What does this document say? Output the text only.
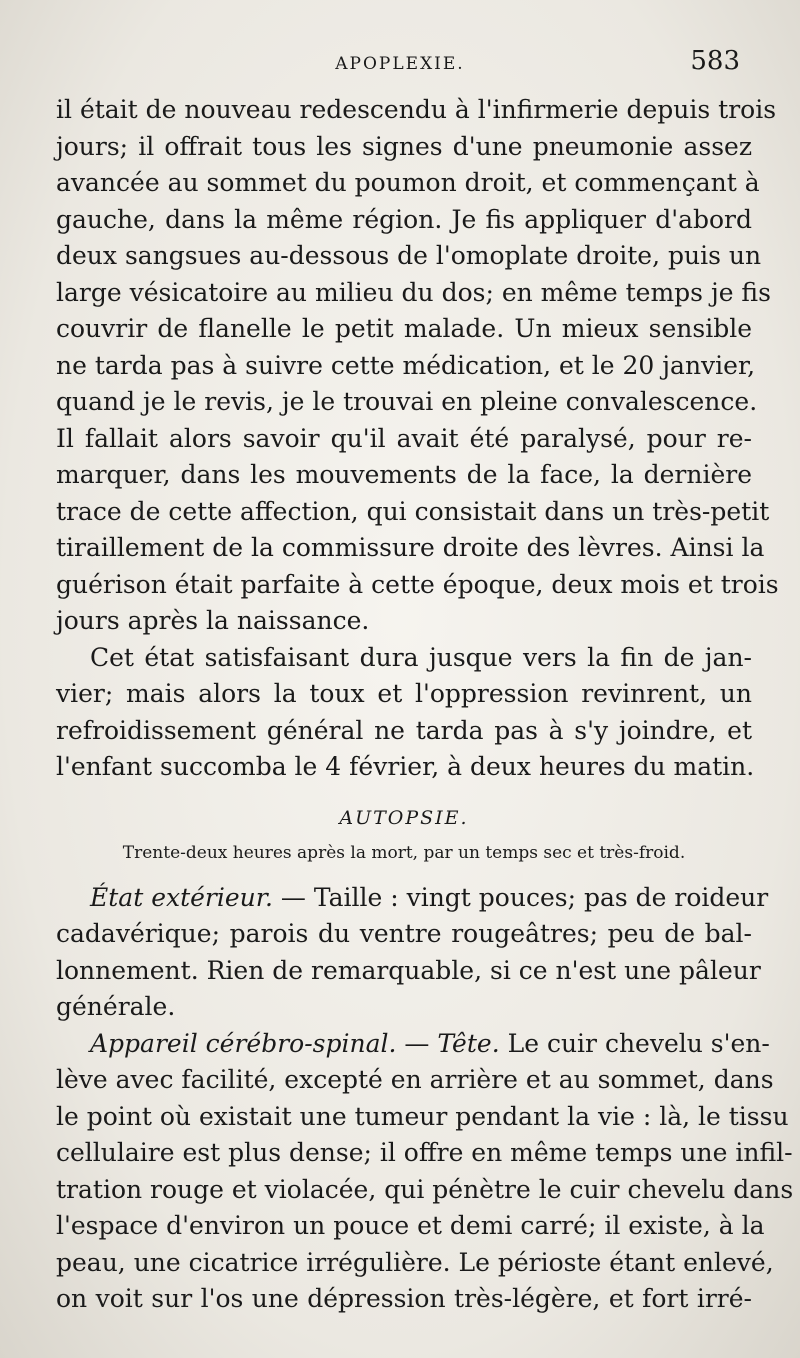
APOPLEXIE.	583
il était de nouveau redescendu à l'infirmerie depuis trois
jours; il offrait tous les signes d'une pneumonie assez
avancée au sommet du poumon droit, et commençant à
gauche, dans la même région. Je fis appliquer d'abord
deux sangsues au-dessous de l'omoplate droite, puis un
large vésicatoire au milieu du dos; en même temps je fis
couvrir de flanelle le petit malade. Un mieux sensible
ne tarda pas à suivre cette médication, et le 20 janvier,
quand je le revis, je le trouvai en pleine convalescence.
Il fallait alors savoir qu'il avait été paralysé, pour re-
marquer, dans les mouvements de la face, la dernière
trace de cette affection, qui consistait dans un très-petit
tiraillement de la commissure droite des lèvres. Ainsi la
guérison était parfaite à cette époque, deux mois et trois
jours après la naissance.
Cet état satisfaisant dura jusque vers la fin de jan-
vier; mais alors la toux et l'oppression revinrent, un
refroidissement général ne tarda pas à s'y joindre, et
l'enfant succomba le 4 février, à deux heures du matin.
AUTOPSIE.
Trente-deux heures après la mort, par un temps sec et très-froid.
État extérieur. — Taille : vingt pouces; pas de roideur
cadavérique; parois du ventre rougeâtres; peu de bal-
lonnement. Rien de remarquable, si ce n'est une pâleur
générale.
Appareil cérébro-spinal. — Tête. Le cuir chevelu s'en-
lève avec facilité, excepté en arrière et au sommet, dans
le point où existait une tumeur pendant la vie : là, le tissu
cellulaire est plus dense; il offre en même temps une infil-
tration rouge et violacée, qui pénètre le cuir chevelu dans
l'espace d'environ un pouce et demi carré; il existe, à la
peau, une cicatrice irrégulière. Le périoste étant enlevé,
on voit sur l'os une dépression très-légère, et fort irré-
